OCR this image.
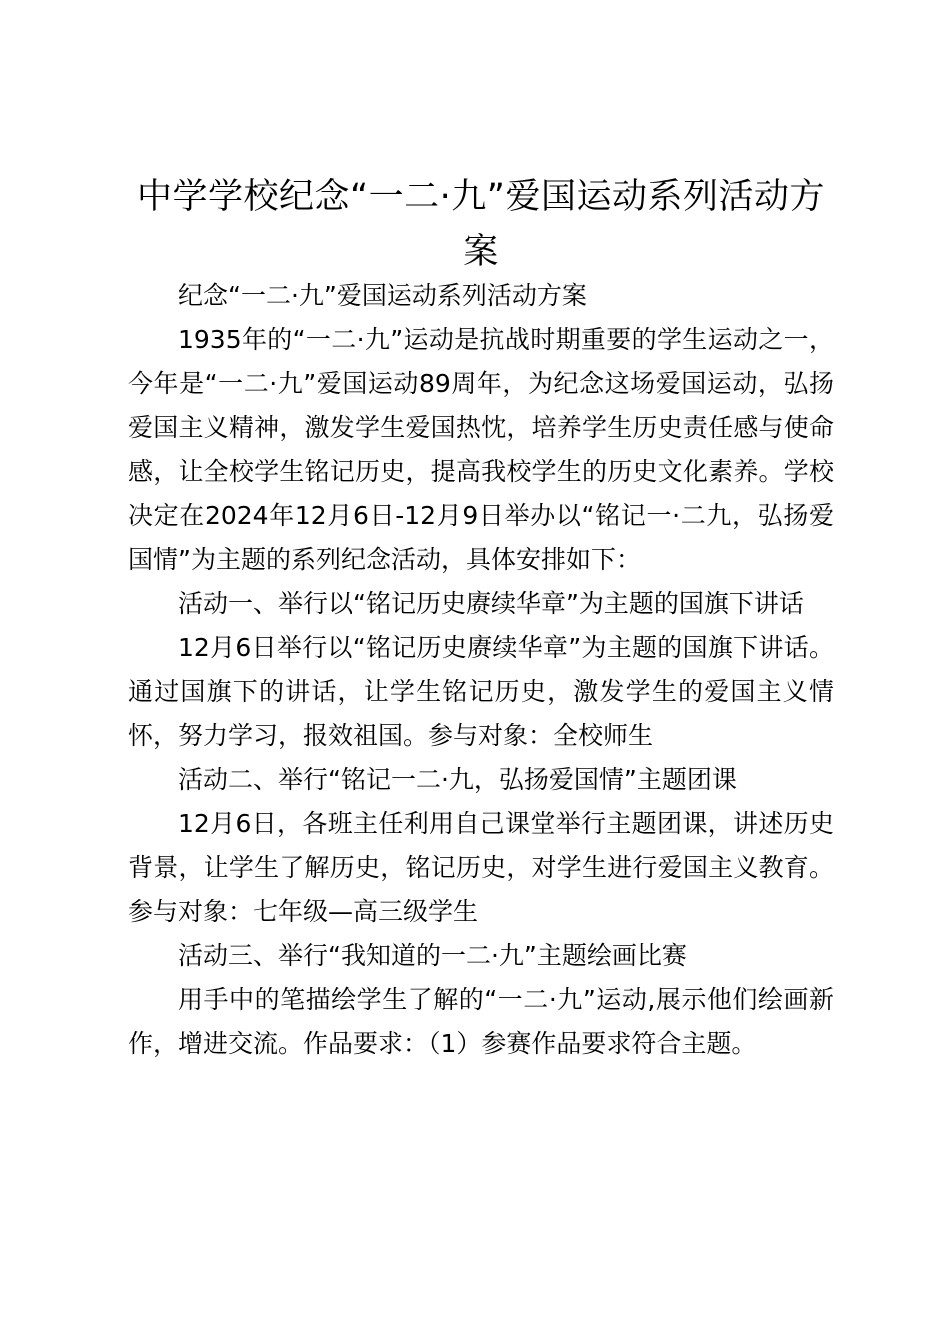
中学学校纪念“一二·九”爱国运动系列活动方案

纪念“一二·九”爱国运动系列活动方案

1935年的“一二·九”运动是抗战时期重要的学生运动之一，今年是“一二·九”爱国运动89周年，为纪念这场爱国运动，弘扬爱国主义精神，激发学生爱国热忱，培养学生历史责任感与使命感，让全校学生铭记历史，提高我校学生的历史文化素养。学校决定在2024年12月6日-12月9日举办以“铭记一·二九，弘扬爱国情”为主题的系列纪念活动，具体安排如下：

活动一、举行以“铭记历史赓续华章”为主题的国旗下讲话

12月6日举行以“铭记历史赓续华章”为主题的国旗下讲话。通过国旗下的讲话，让学生铭记历史，激发学生的爱国主义情怀，努力学习，报效祖国。参与对象：全校师生

活动二、举行“铭记一二·九，弘扬爱国情”主题团课

12月6日，各班主任利用自己课堂举行主题团课，讲述历史背景，让学生了解历史，铭记历史，对学生进行爱国主义教育。参与对象：七年级—高三级学生

活动三、举行“我知道的一二·九”主题绘画比赛

用手中的笔描绘学生了解的“一二·九”运动,展示他们绘画新作，增进交流。作品要求：（1）参赛作品要求符合主题。
